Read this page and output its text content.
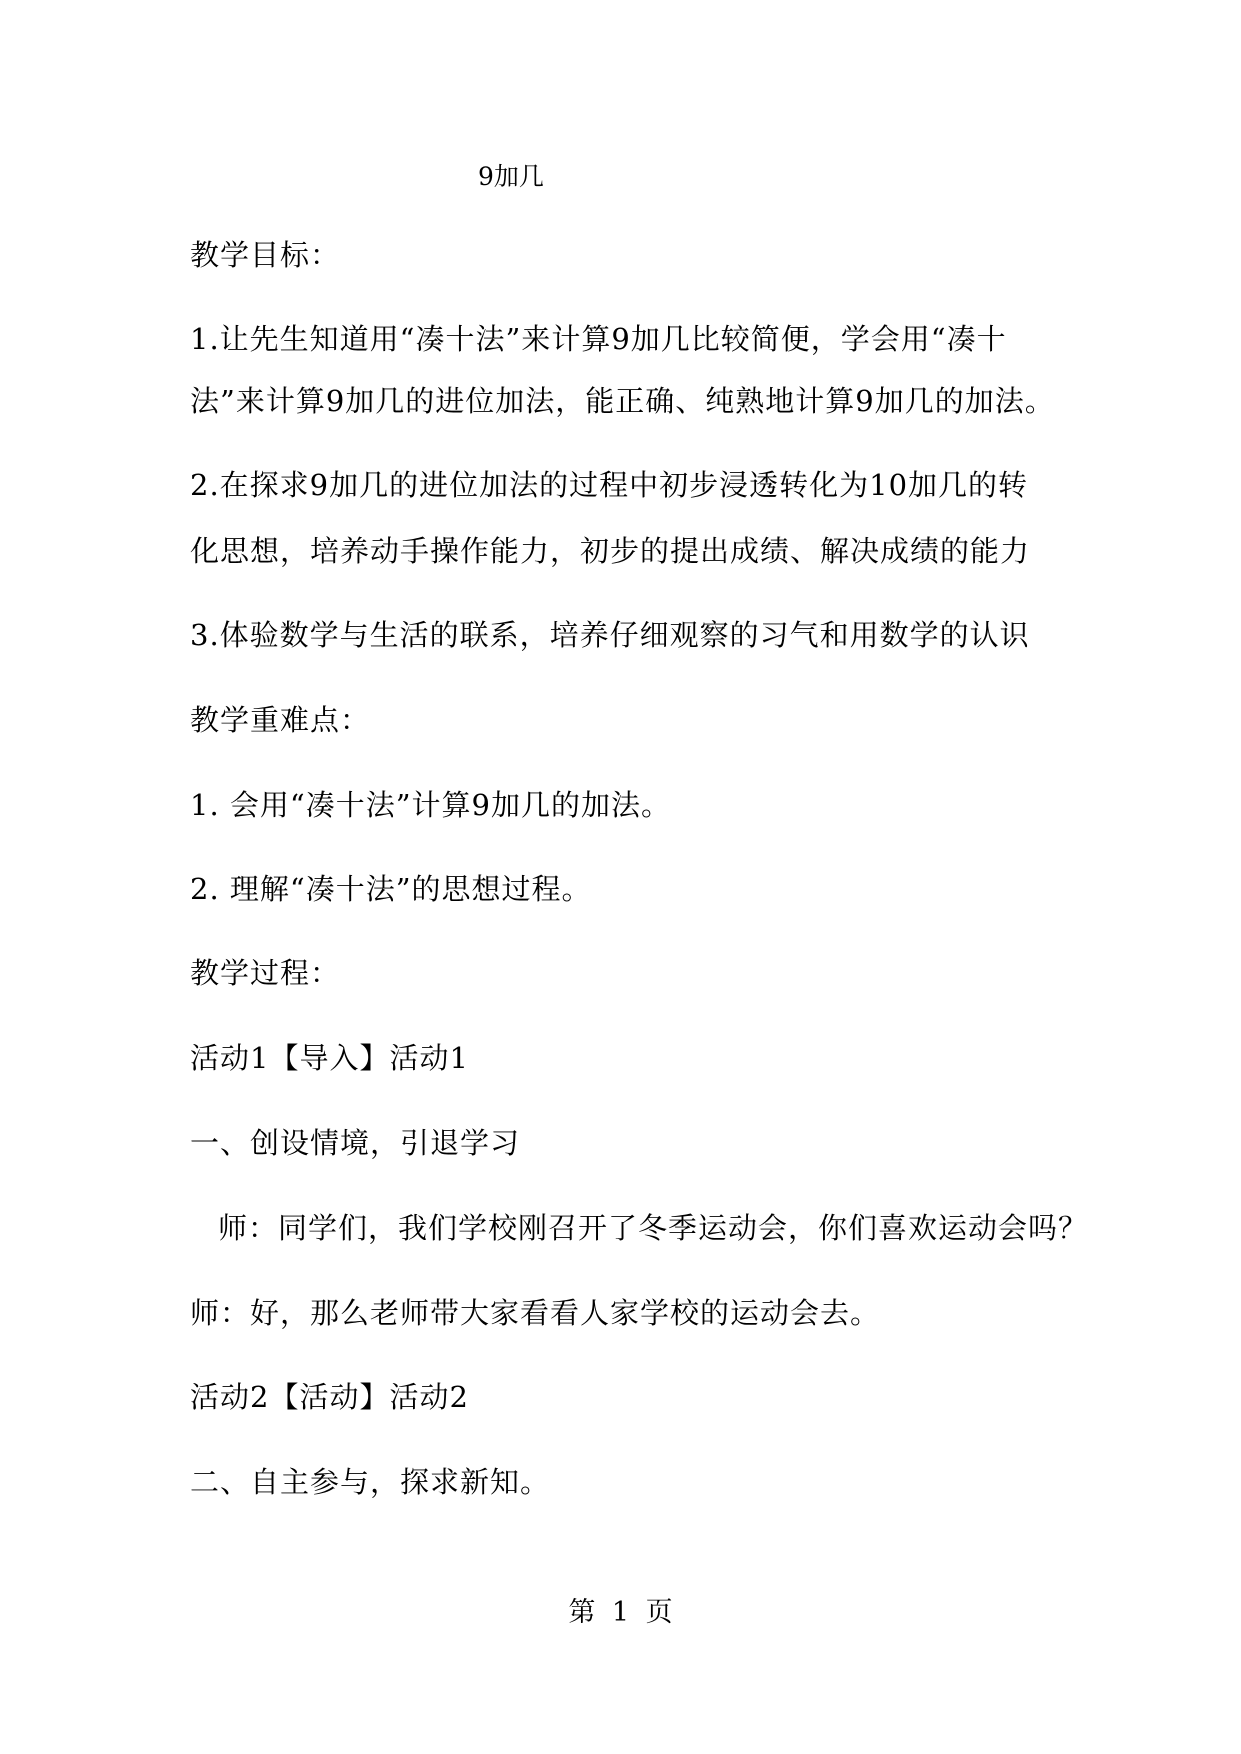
9加几
教学目标：
1.让先生知道用“凑十法”来计算9加几比较简便，学会用“凑十
法”来计算9加几的进位加法，能正确、纯熟地计算9加几的加法。
2.在探求9加几的进位加法的过程中初步浸透转化为10加几的转
化思想，培养动手操作能力，初步的提出成绩、解决成绩的能力
3.体验数学与生活的联系，培养仔细观察的习气和用数学的认识
教学重难点：
1. 会用“凑十法”计算9加几的加法。
2. 理解“凑十法”的思想过程。
教学过程：
活动1【导入】活动1
一、创设情境，引退学习
师：同学们，我们学校刚召开了冬季运动会，你们喜欢运动会吗？
师：好，那么老师带大家看看人家学校的运动会去。
活动2【活动】活动2
二、自主参与，探求新知。
第 1 页
